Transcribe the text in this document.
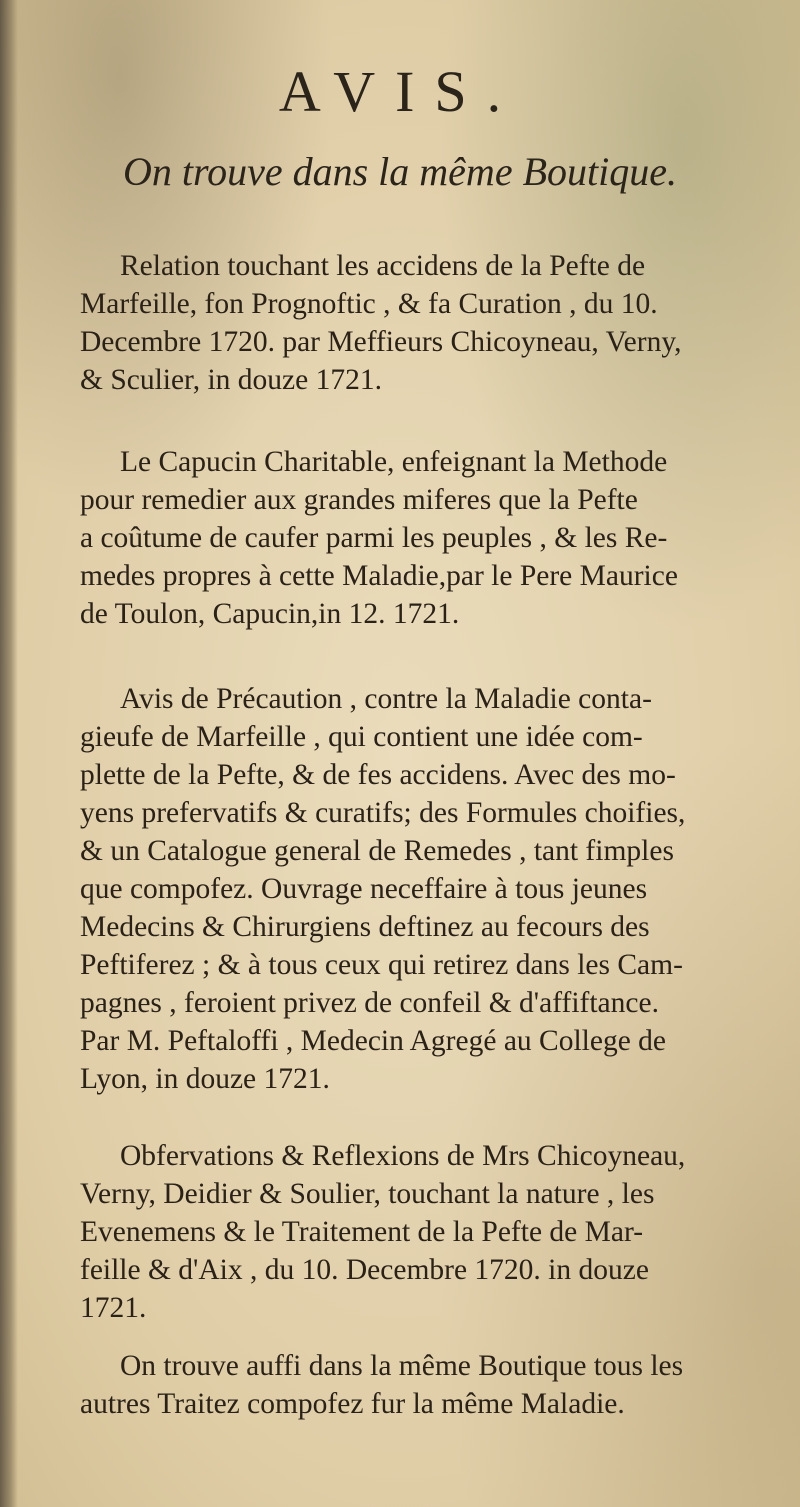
AVIS.
On trouve dans la même Boutique.
Relation touchant les accidens de la Pefte de
Marfeille, fon Prognoftic , & fa Curation , du 10.
Decembre 1720. par Meffieurs Chicoyneau, Verny,
& Sculier, in douze 1721.
Le Capucin Charitable, enfeignant la Methode
pour remedier aux grandes miferes que la Pefte
a coûtume de caufer parmi les peuples , & les Re-
medes propres à cette Maladie,par le Pere Maurice
de Toulon, Capucin,in 12. 1721.
Avis de Précaution , contre la Maladie conta-
gieufe de Marfeille , qui contient une idée com-
plette de la Pefte, & de fes accidens. Avec des mo-
yens prefervatifs & curatifs; des Formules choifies,
& un Catalogue general de Remedes , tant fimples
que compofez. Ouvrage neceffaire à tous jeunes
Medecins & Chirurgiens deftinez au fecours des
Peftiferez ; & à tous ceux qui retirez dans les Cam-
pagnes , feroient privez de confeil & d'affiftance.
Par M. Peftaloffi , Medecin Agregé au College de
Lyon, in douze 1721.
Obfervations & Reflexions de Mrs Chicoyneau,
Verny, Deidier & Soulier, touchant la nature , les
Evenemens & le Traitement de la Pefte de Mar-
feille & d'Aix , du 10. Decembre 1720. in douze
1721.
On trouve auffi dans la même Boutique tous les
autres Traitez compofez fur la même Maladie.
